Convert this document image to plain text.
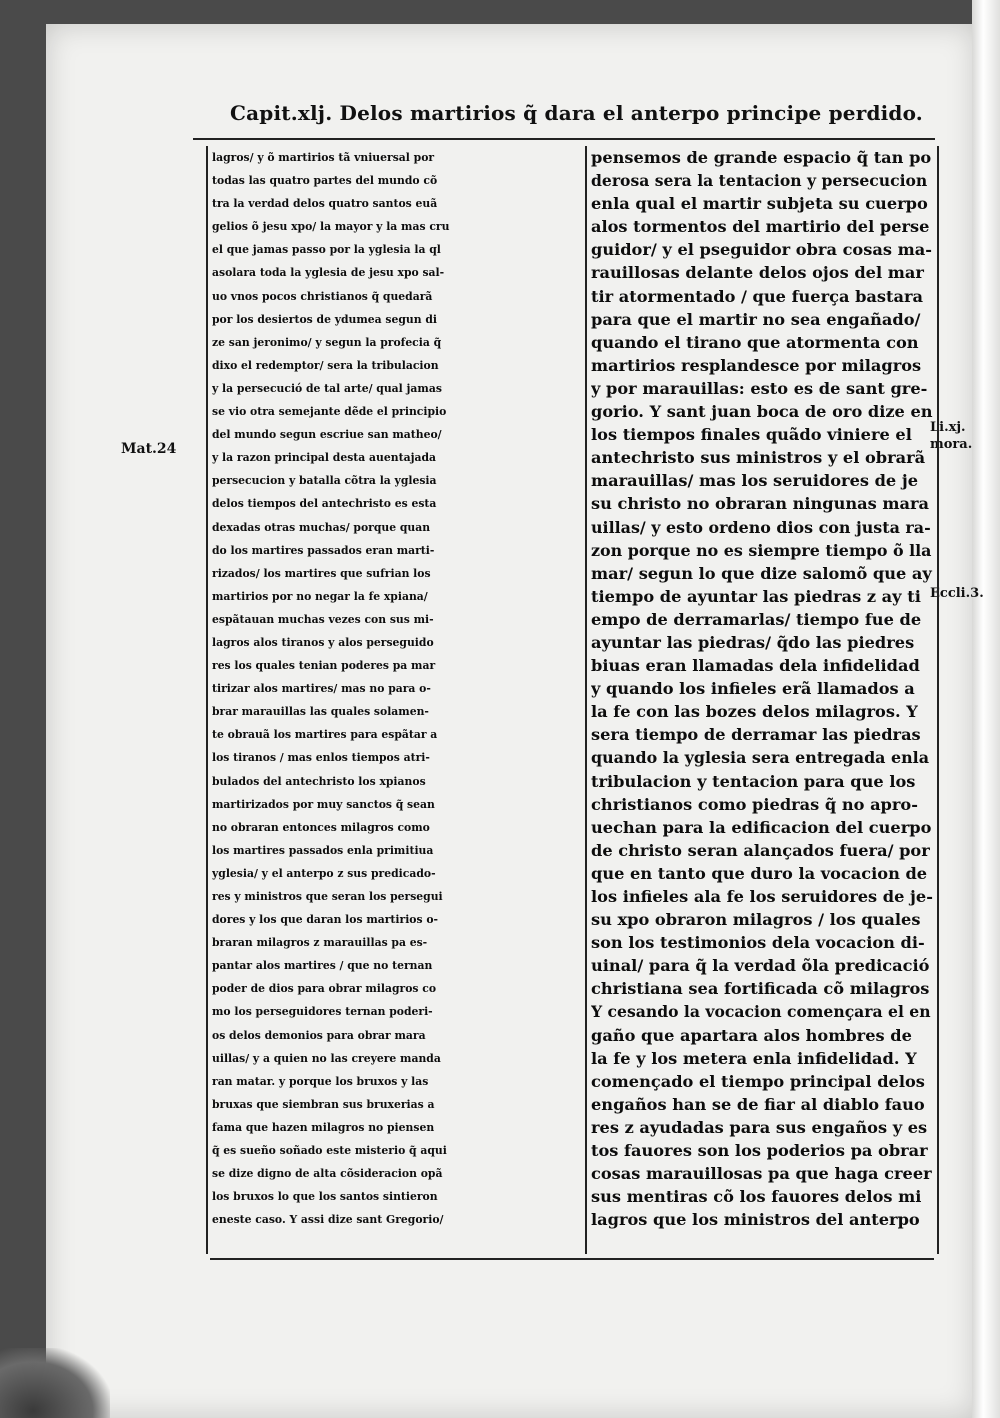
Capit.xlj. Delos martirios q̃ dara el anterpo principe perdido.
Mat.24
Li.xj.
mora.
Eccli.3.
lagros/ y õ martirios tã vniuersal por
todas las quatro partes del mundo cõ
tra la verdad delos quatro santos euã
gelios õ jesu xpo/ la mayor y la mas cru
el que jamas passo por la yglesia la ql
asolara toda la yglesia de jesu xpo sal-
uo vnos pocos christianos q̃ quedarã
por los desiertos de ydumea segun di
ze san jeronimo/ y segun la profecia q̃
dixo el redemptor/ sera la tribulacion
y la persecució de tal arte/ qual jamas
se vio otra semejante dẽde el principio
del mundo segun escriue san matheo/
y la razon principal desta auentajada
persecucion y batalla cõtra la yglesia
delos tiempos del antechristo es esta
dexadas otras muchas/ porque quan
do los martires passados eran marti-
rizados/ los martires que sufrian los
martirios por no negar la fe xpiana/
espãtauan muchas vezes con sus mi-
lagros alos tiranos y alos perseguido
res los quales tenian poderes pa mar
tirizar alos martires/ mas no para o-
brar marauillas las quales solamen-
te obrauã los martires para espãtar a
los tiranos / mas enlos tiempos atri-
bulados del antechristo los xpianos
martirizados por muy sanctos q̃ sean
no obraran entonces milagros como
los martires passados enla primitiua
yglesia/ y el anterpo z sus predicado-
res y ministros que seran los persegui
dores y los que daran los martirios o-
braran milagros z marauillas pa es-
pantar alos martires / que no ternan
poder de dios para obrar milagros co
mo los perseguidores ternan poderi-
os delos demonios para obrar mara
uillas/ y a quien no las creyere manda
ran matar. y porque los bruxos y las
bruxas que siembran sus bruxerias a
fama que hazen milagros no piensen
q̃ es sueño soñado este misterio q̃ aqui
se dize digno de alta cõsideracion opã
los bruxos lo que los santos sintieron
eneste caso. Y assi dize sant Gregorio/
pensemos de grande espacio q̃ tan po
derosa sera la tentacion y persecucion
enla qual el martir subjeta su cuerpo
alos tormentos del martirio del perse
guidor/ y el pseguidor obra cosas ma-
rauillosas delante delos ojos del mar
tir atormentado / que fuerça bastara
para que el martir no sea engañado/
quando el tirano que atormenta con
martirios resplandesce por milagros
y por marauillas: esto es de sant gre-
gorio. Y sant juan boca de oro dize en
los tiempos finales quãdo viniere el
antechristo sus ministros y el obrarã
marauillas/ mas los seruidores de je
su christo no obraran ningunas mara
uillas/ y esto ordeno dios con justa ra-
zon porque no es siempre tiempo õ lla
mar/ segun lo que dize salomõ que ay
tiempo de ayuntar las piedras z ay ti
empo de derramarlas/ tiempo fue de
ayuntar las piedras/ q̃do las piedres
biuas eran llamadas dela infidelidad
y quando los infieles erã llamados a
la fe con las bozes delos milagros. Y
sera tiempo de derramar las piedras
quando la yglesia sera entregada enla
tribulacion y tentacion para que los
christianos como piedras q̃ no apro-
uechan para la edificacion del cuerpo
de christo seran alançados fuera/ por
que en tanto que duro la vocacion de
los infieles ala fe los seruidores de je-
su xpo obraron milagros / los quales
son los testimonios dela vocacion di-
uinal/ para q̃ la verdad õla predicació
christiana sea fortificada cõ milagros
Y cesando la vocacion començara el en
gaño que apartara alos hombres de
la fe y los metera enla infidelidad. Y
començado el tiempo principal delos
engaños han se de fiar al diablo fauo
res z ayudadas para sus engaños y es
tos fauores son los poderios pa obrar
cosas marauillosas pa que haga creer
sus mentiras cõ los fauores delos mi
lagros que los ministros del anterpo
